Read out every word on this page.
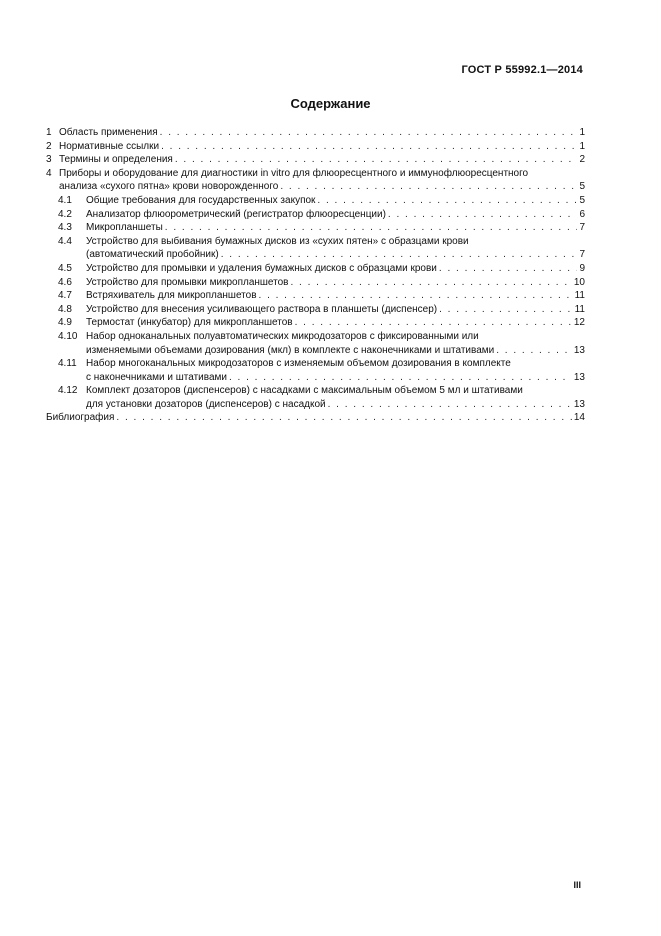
ГОСТ Р 55992.1—2014
Содержание
1 Область применения . . .	1
2 Нормативные ссылки . . .	1
3 Термины и определения . . .	2
4 Приборы и оборудование для диагностики in vitro для флюоресцентного и иммунофлюоресцентного
анализа «сухого пятна» крови новорожденного . . .	5
4.1	Общие требования для государственных закупок . . .	5
4.2	Анализатор флюорометрический (регистратор флюоресценции) . . .	6
4.3	Микропланшеты . . .	7
4.4	Устройство для выбивания бумажных дисков из «сухих пятен» с образцами крови
(автоматический пробойник) . . .	7
4.5	Устройство для промывки и удаления бумажных дисков с образцами крови . . .	9
4.6	Устройство для промывки микропланшетов . . .	10
4.7	Встряхиватель для микропланшетов . . .	11
4.8	Устройство для внесения усиливающего раствора в планшеты (диспенсер) . . .	11
4.9	Термостат (инкубатор) для микропланшетов . . .	12
4.10 Набор одноканальных полуавтоматических микродозаторов с фиксированными или
изменяемыми объемами дозирования (мкл) в комплекте с наконечниками и штативами . . .	13
4.11 Набор многоканальных микродозаторов с изменяемым объемом дозирования в комплекте
с наконечниками и штативами . . .	13
4.12 Комплект дозаторов (диспенсеров) с насадками с максимальным объемом 5 мл и штативами
для установки дозаторов (диспенсеров) с насадкой . . .	13
Библиография . . .	14
III
